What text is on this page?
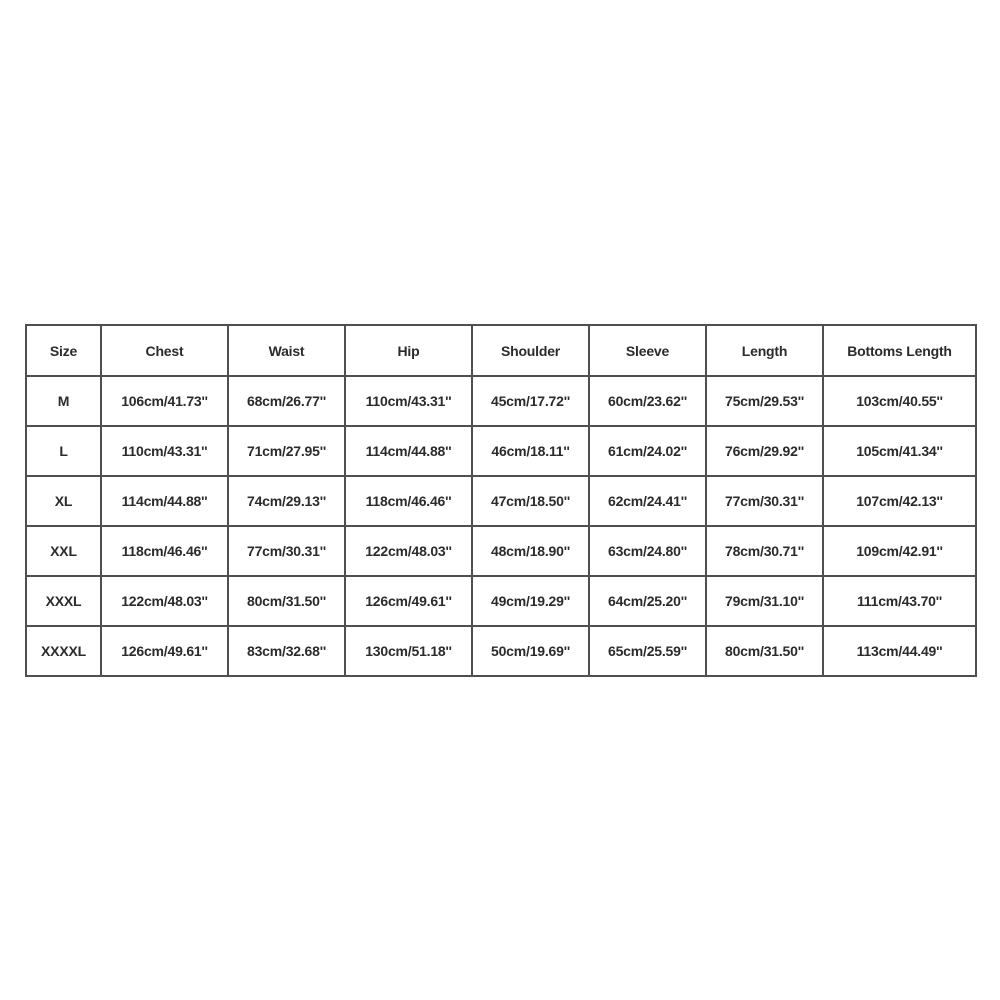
Size	Chest	Waist	Hip	Shoulder	Sleeve	Length	Bottoms Length
M	106cm/41.73''	68cm/26.77''	110cm/43.31''	45cm/17.72''	60cm/23.62''	75cm/29.53''	103cm/40.55''
L	110cm/43.31''	71cm/27.95''	114cm/44.88''	46cm/18.11''	61cm/24.02''	76cm/29.92''	105cm/41.34''
XL	114cm/44.88''	74cm/29.13''	118cm/46.46''	47cm/18.50''	62cm/24.41''	77cm/30.31''	107cm/42.13''
XXL	118cm/46.46''	77cm/30.31''	122cm/48.03''	48cm/18.90''	63cm/24.80''	78cm/30.71''	109cm/42.91''
XXXL	122cm/48.03''	80cm/31.50''	126cm/49.61''	49cm/19.29''	64cm/25.20''	79cm/31.10''	111cm/43.70''
XXXXL	126cm/49.61''	83cm/32.68''	130cm/51.18''	50cm/19.69''	65cm/25.59''	80cm/31.50''	113cm/44.49''
